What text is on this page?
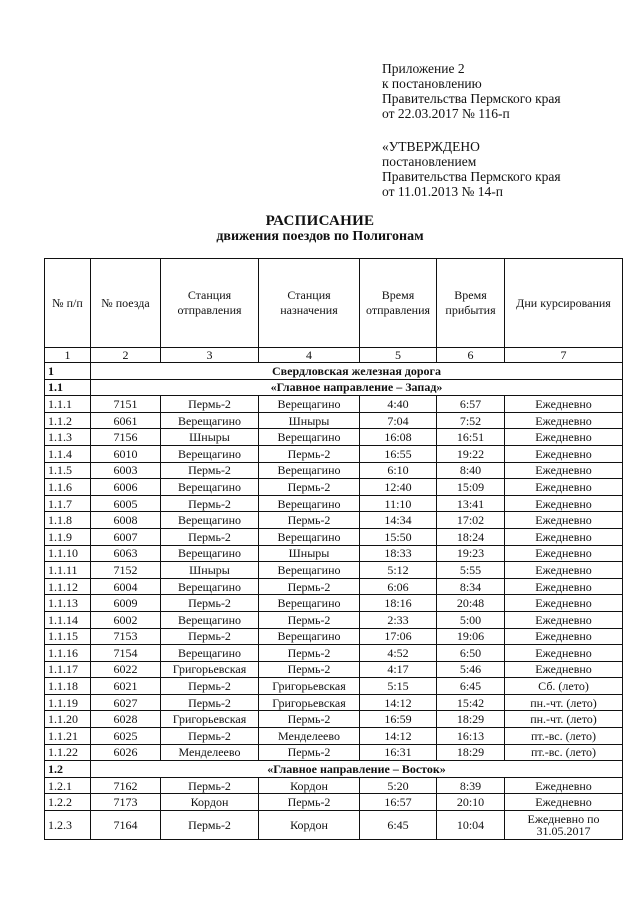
Приложение 2
к постановлению
Правительства Пермского края
от 22.03.2017 № 116-п
«УТВЕРЖДЕНО
постановлением
Правительства Пермского края
от 11.01.2013 № 14-п
РАСПИСАНИЕ
движения поездов по Полигонам
№ п/п	№ поезда	Станция отправления	Станция назначения	Время отправления	Время прибытия	Дни курсирования
1	2	3	4	5	6	7
1	Свердловская железная дорога					
1.1	«Главное направление – Запад»					
1.1.1	7151	Пермь-2	Верещагино	4:40	6:57	Ежедневно
1.1.2	6061	Верещагино	Шныры	7:04	7:52	Ежедневно
1.1.3	7156	Шныры	Верещагино	16:08	16:51	Ежедневно
1.1.4	6010	Верещагино	Пермь-2	16:55	19:22	Ежедневно
1.1.5	6003	Пермь-2	Верещагино	6:10	8:40	Ежедневно
1.1.6	6006	Верещагино	Пермь-2	12:40	15:09	Ежедневно
1.1.7	6005	Пермь-2	Верещагино	11:10	13:41	Ежедневно
1.1.8	6008	Верещагино	Пермь-2	14:34	17:02	Ежедневно
1.1.9	6007	Пермь-2	Верещагино	15:50	18:24	Ежедневно
1.1.10	6063	Верещагино	Шныры	18:33	19:23	Ежедневно
1.1.11	7152	Шныры	Верещагино	5:12	5:55	Ежедневно
1.1.12	6004	Верещагино	Пермь-2	6:06	8:34	Ежедневно
1.1.13	6009	Пермь-2	Верещагино	18:16	20:48	Ежедневно
1.1.14	6002	Верещагино	Пермь-2	2:33	5:00	Ежедневно
1.1.15	7153	Пермь-2	Верещагино	17:06	19:06	Ежедневно
1.1.16	7154	Верещагино	Пермь-2	4:52	6:50	Ежедневно
1.1.17	6022	Григорьевская	Пермь-2	4:17	5:46	Ежедневно
1.1.18	6021	Пермь-2	Григорьевская	5:15	6:45	Сб. (лето)
1.1.19	6027	Пермь-2	Григорьевская	14:12	15:42	пн.-чт. (лето)
1.1.20	6028	Григорьевская	Пермь-2	16:59	18:29	пн.-чт. (лето)
1.1.21	6025	Пермь-2	Менделеево	14:12	16:13	пт.-вс. (лето)
1.1.22	6026	Менделеево	Пермь-2	16:31	18:29	пт.-вс. (лето)
1.2	«Главное направление – Восток»					
1.2.1	7162	Пермь-2	Кордон	5:20	8:39	Ежедневно
1.2.2	7173	Кордон	Пермь-2	16:57	20:10	Ежедневно
1.2.3	7164	Пермь-2	Кордон	6:45	10:04	Ежедневно по 31.05.2017
